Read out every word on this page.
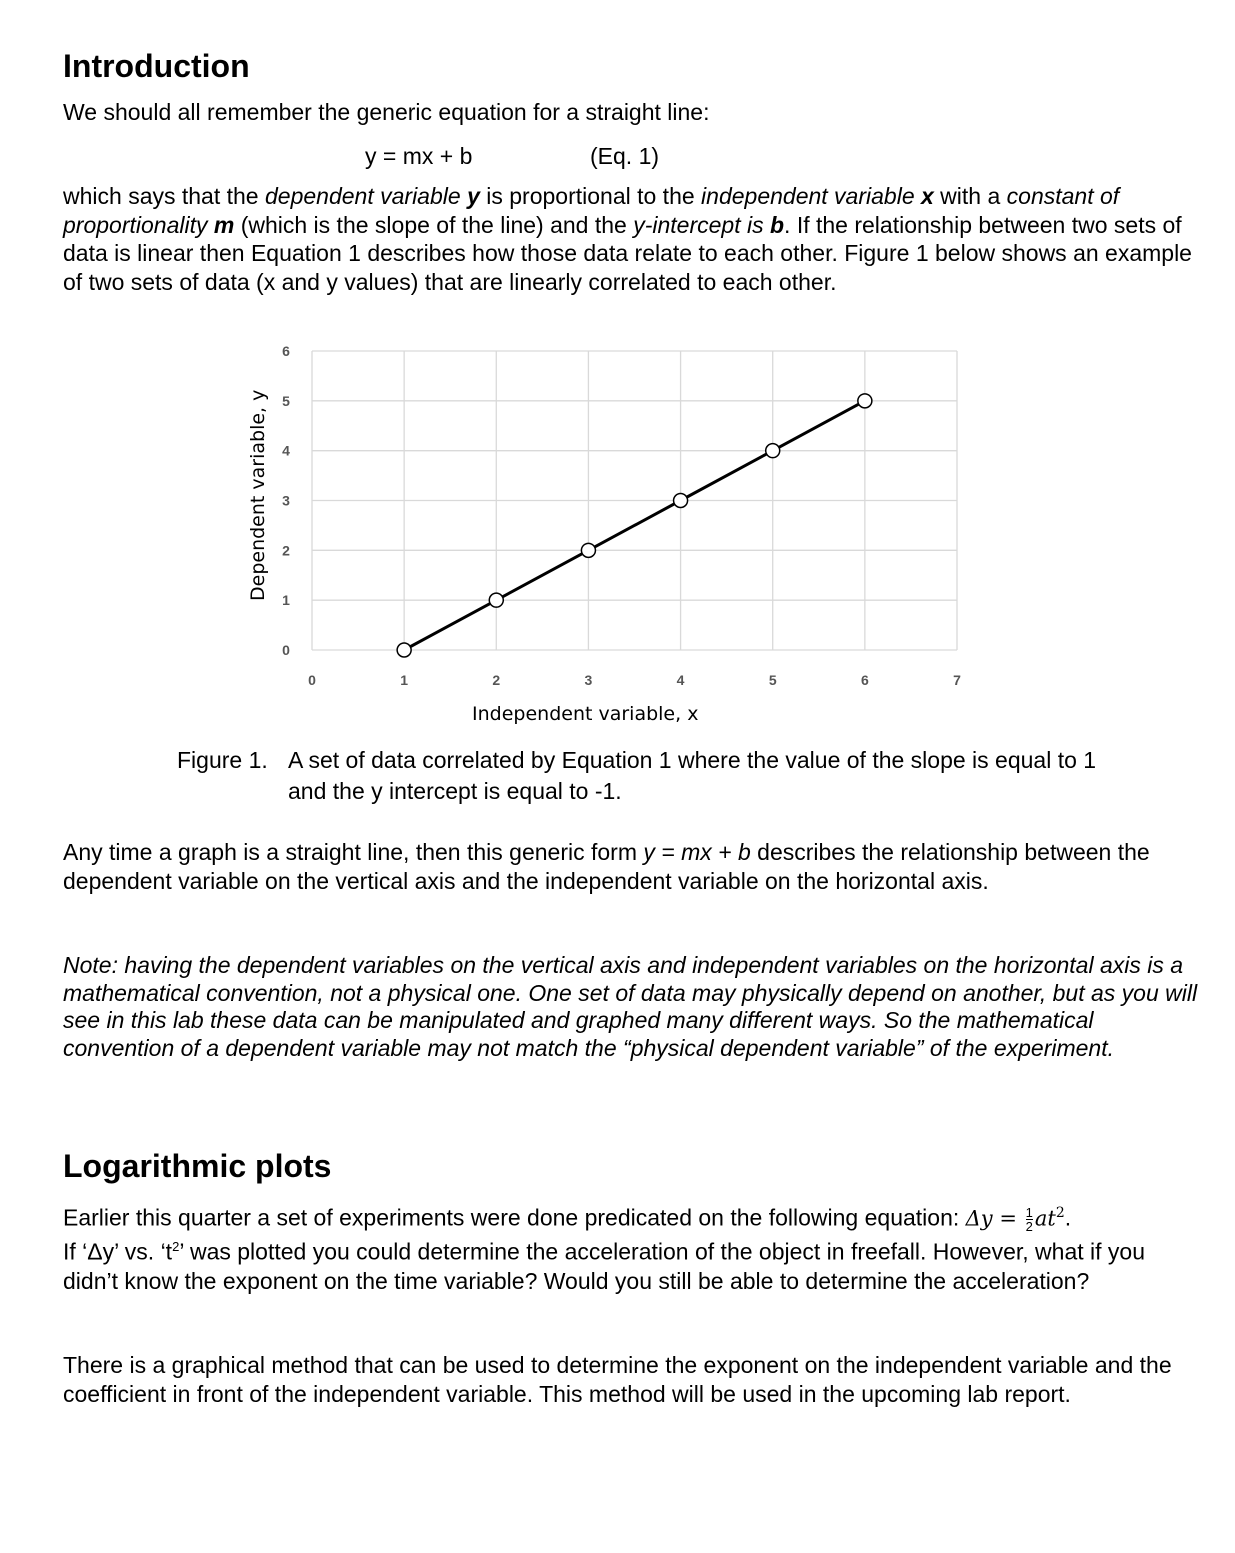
Introduction
We should all remember the generic equation for a straight line:
y = mx + b	(Eq. 1)
which says that the dependent variable y is proportional to the independent variable x with a constant of proportionality m (which is the slope of the line) and the y-intercept is b. If the relationship between two sets of data is linear then Equation 1 describes how those data relate to each other. Figure 1 below shows an example of two sets of data (x and y values) that are linearly correlated to each other.
0	1	2	3	4	5	6	7
0
1
2
3
4
5
6
Independent variable, x
Dependent variable, y
Figure 1. A set of data correlated by Equation 1 where the value of the slope is equal to 1
and the y intercept is equal to -1.
Any time a graph is a straight line, then this generic form y = mx + b describes the relationship between the dependent variable on the vertical axis and the independent variable on the horizontal axis.
Note: having the dependent variables on the vertical axis and independent variables on the horizontal axis is a mathematical convention, not a physical one. One set of data may physically depend on another, but as you will see in this lab these data can be manipulated and graphed many different ways. So the mathematical convention of a dependent variable may not match the “physical dependent variable” of the experiment.
Logarithmic plots
Earlier this quarter a set of experiments were done predicated on the following equation: $\Delta y = \frac{1}{2} at^2$.
If ‘Δy’ vs. ‘$t^2$’ was plotted you could determine the acceleration of the object in freefall. However, what if you didn’t know the exponent on the time variable? Would you still be able to determine the acceleration?
There is a graphical method that can be used to determine the exponent on the independent variable and the coefficient in front of the independent variable. This method will be used in the upcoming lab report.
